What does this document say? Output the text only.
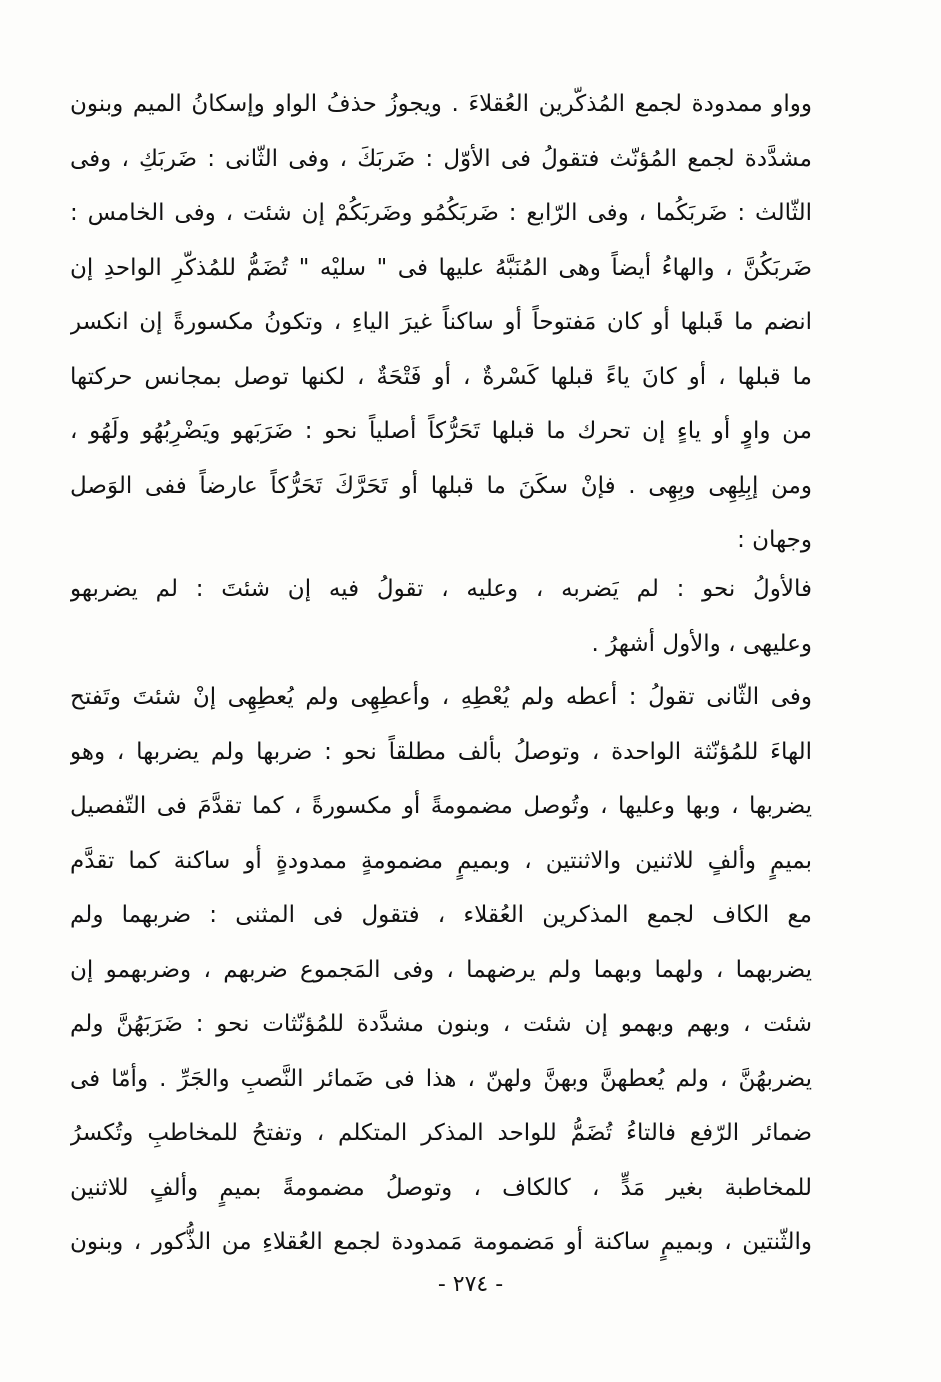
وواو ممدودة لجمع المُذكّرين العُقلاءَ . ويجوزُ حذفُ الواو وإسكانُ الميم وبنون
مشدَّدة لجمع المُؤنّث فتقولُ فى الأوّل : ضَربَكَ ، وفى الثّانى : ضَربَكِ ، وفى
الثّالث : ضَربَكُما ، وفى الرّابع : ضَربَكُمُو وضَربَكُمْ إن شئت ، وفى الخامس :
ضَربَكُنَّ ، والهاءُ أيضاً وهى المُنَبَّهُ عليها فى " سليْه " تُضَمُّ للمُذكّرِ الواحدِ إن
انضم ما قَبلها أو كان مَفتوحاً أو ساكناً غيرَ الياءِ ، وتكونُ مكسورةً إن انكسر
ما قبلها ، أو كانَ ياءً قبلها كَسْرةٌ ، أو فَتْحَةٌ ، لكنها توصل بمجانس حركتها
من واوٍ أو ياءٍ إن تحرك ما قبلها تَحَرُّكاً أصلياً نحو : ضَرَبَهو ويَضْرِبُهُو ولَهُو ،
ومن إبِلِهِى وبِهِى . فإنْ سكَنَ ما قبلها أو تَحَرَّكَ تَحَرُّكاً عارضاً ففى الوَصل
وجهان :
فالأولُ نحو : لم يَضربه ، وعليه ، تقولُ فيه إن شئتَ : لم يضربهو
وعليهى ، والأول أشهرُ .
وفى الثّانى تقولُ : أعطه ولم يُعْطِهِ ، وأعطِهِى ولم يُعطِهِى إنْ شئتَ وتَفتح
الهاءَ للمُؤنّثة الواحدة ، وتوصلُ بألف مطلقاً نحو : ضربها ولم يضربها ، وهو
يضربها ، وبها وعليها ، وتُوصل مضمومةً أو مكسورةً ، كما تقدَّمَ فى التّفصيل
بميمٍ وألفٍ للاثنين والاثنتين ، وبميمٍ مضمومةٍ ممدودةٍ أو ساكنة كما تقدَّم
مع الكاف لجمع المذكرين العُقلاء ، فتقول فى المثنى : ضربهما ولم
يضربهما ، ولهما وبهما ولم يرضهما ، وفى المَجموع ضربهم ، وضربهمو إن
شئت ، وبهم وبهمو إن شئت ، وبنون مشدَّدة للمُؤنّثات نحو : ضَرَبَهُنَّ ولم
يضربهُنَّ ، ولم يُعطهنَّ وبهنَّ ولهنّ ، هذا فى ضَمائر النَّصبِ والجَرِّ . وأمّا فى
ضمائر الرّفع فالتاءُ تُضَمُّ للواحد المذكر المتكلم ، وتفتحُ للمخاطبِ وتُكسرُ
للمخاطبة بغير مَدٍّ ، كالكاف ، وتوصلُ مضمومةً بميمٍ وألفٍ للاثنين
والثّنتين ، وبميمٍ ساكنة أو مَضمومة مَمدودة لجمع العُقلاءِ من الذُّكور ، وبنون
- ٢٧٤ -
